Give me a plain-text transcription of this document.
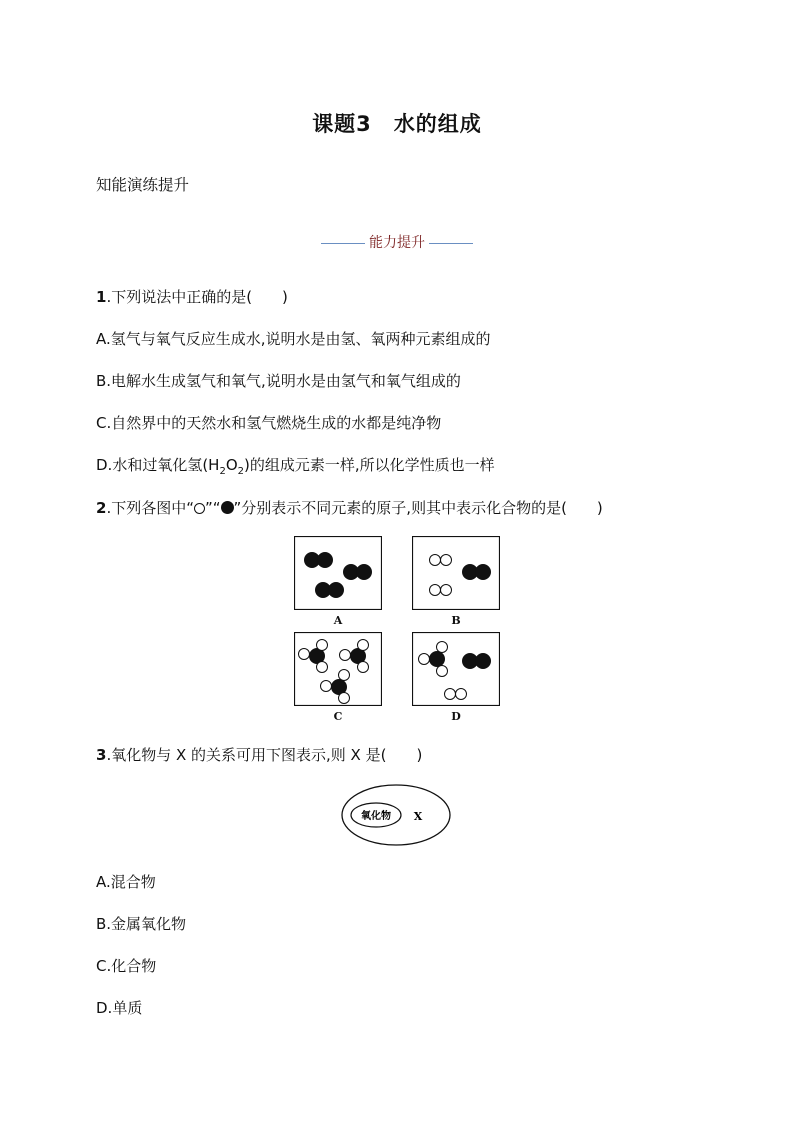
课题3 水的组成
知能演练提升
能力提升
1.下列说法中正确的是(　　)
A.氢气与氧气反应生成水,说明水是由氢、氧两种元素组成的
B.电解水生成氢气和氧气,说明水是由氢气和氧气组成的
C.自然界中的天然水和氢气燃烧生成的水都是纯净物
D.水和过氧化氢$(H_2O_2)$的组成元素一样,所以化学性质也一样
2.下列各图中“ ”“ ”分别表示不同元素的原子,则其中表示化合物的是(　　)
A	B
C	D
3.氧化物与 X 的关系可用下图表示,则 X 是(　　)
氧化物 X
A.混合物
B.金属氧化物
C.化合物
D.单质
